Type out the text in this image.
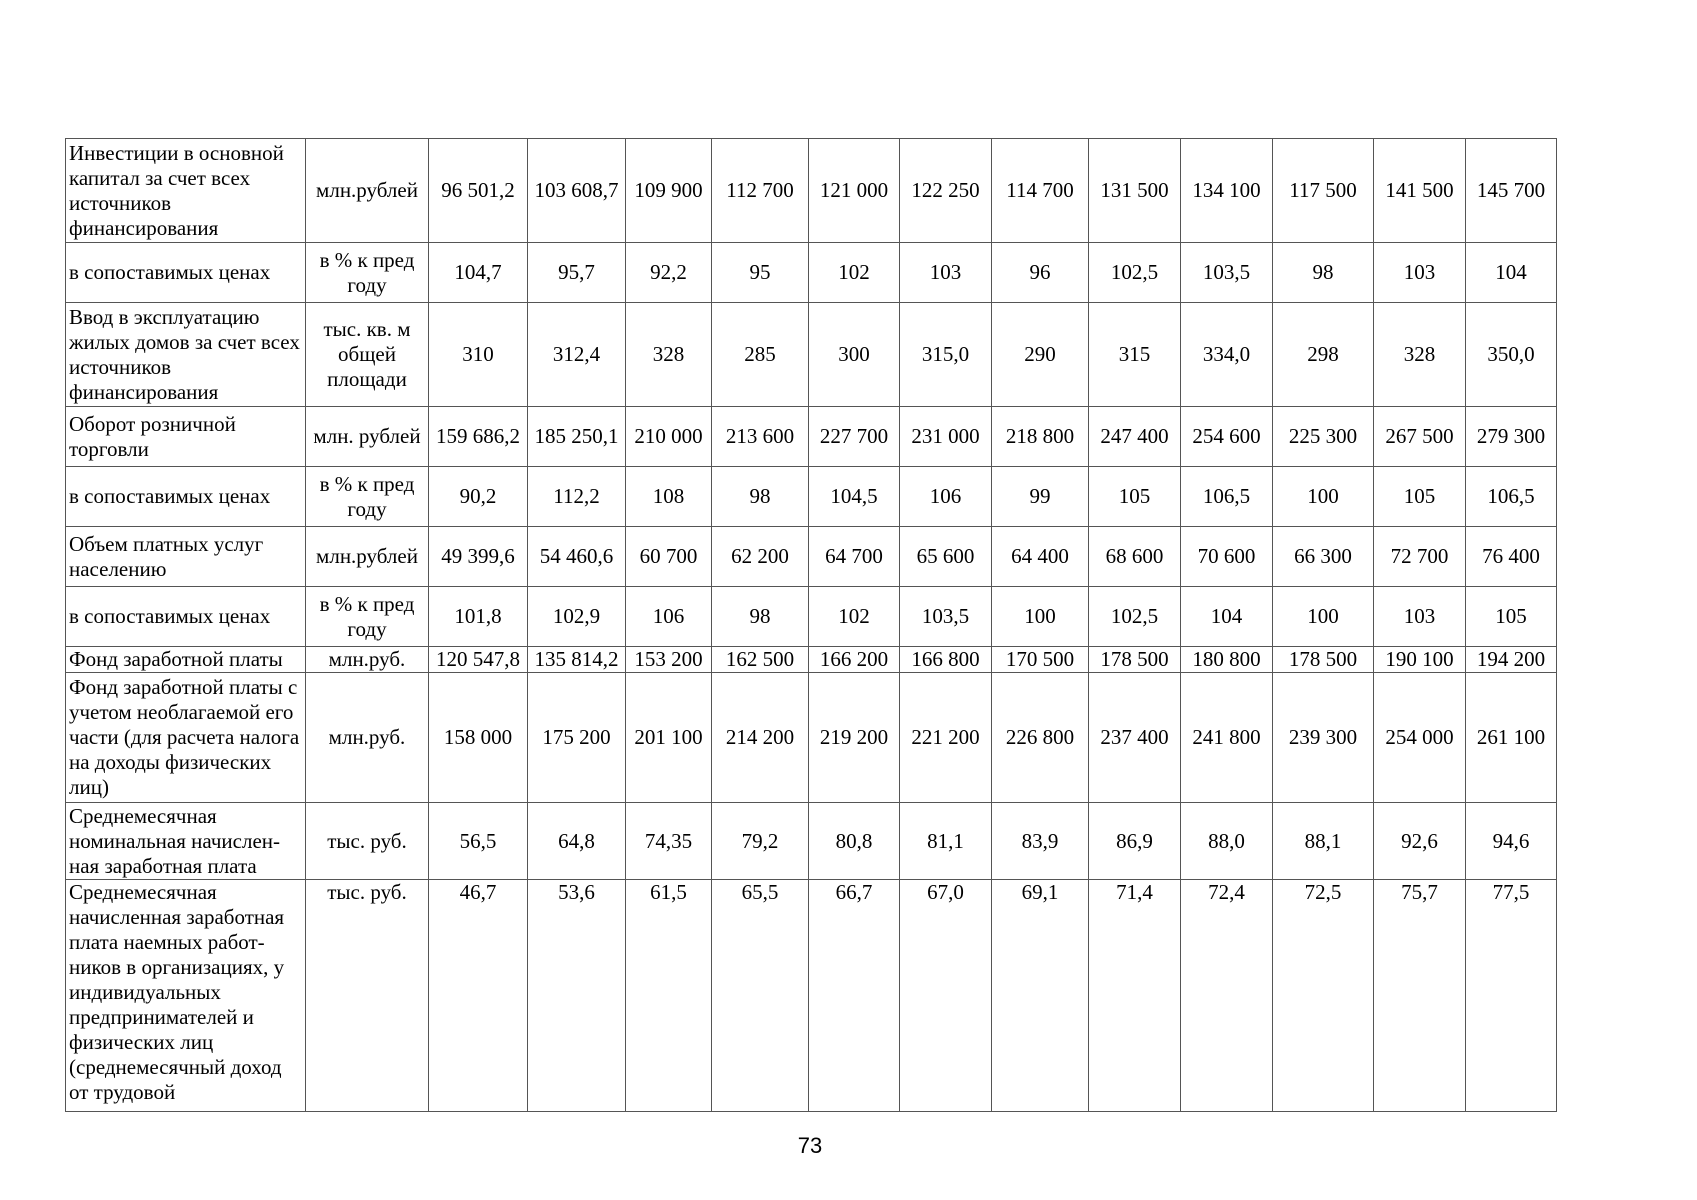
Инвестиции в основной капитал за счет всех источников финансирования	млн.рублей	96 501,2	103 608,7	109 900	112 700	121 000	122 250	114 700	131 500	134 100	117 500	141 500	145 700
в сопоставимых ценах	в % к пред году	104,7	95,7	92,2	95	102	103	96	102,5	103,5	98	103	104
Ввод в эксплуатацию жилых домов за счет всех источников финансирования	тыс. кв. м общей площади	310	312,4	328	285	300	315,0	290	315	334,0	298	328	350,0
Оборот розничной торговли	млн. рублей	159 686,2	185 250,1	210 000	213 600	227 700	231 000	218 800	247 400	254 600	225 300	267 500	279 300
в сопоставимых ценах	в % к пред году	90,2	112,2	108	98	104,5	106	99	105	106,5	100	105	106,5
Объем платных услуг населению	млн.рублей	49 399,6	54 460,6	60 700	62 200	64 700	65 600	64 400	68 600	70 600	66 300	72 700	76 400
в сопоставимых ценах	в % к пред году	101,8	102,9	106	98	102	103,5	100	102,5	104	100	103	105
Фонд заработной платы	млн.руб.	120 547,8	135 814,2	153 200	162 500	166 200	166 800	170 500	178 500	180 800	178 500	190 100	194 200
Фонд заработной платы с учетом необлагаемой его части (для расчета налога на доходы физических лиц)	млн.руб.	158 000	175 200	201 100	214 200	219 200	221 200	226 800	237 400	241 800	239 300	254 000	261 100
Среднемесячная номинальная начислен-ная заработная плата	тыс. руб.	56,5	64,8	74,35	79,2	80,8	81,1	83,9	86,9	88,0	88,1	92,6	94,6
Среднемесячная начисленная заработная плата наемных работ-ников в организациях, у индивидуальных предпринимателей и физических лиц (среднемесячный доход от трудовой	тыс. руб.	46,7	53,6	61,5	65,5	66,7	67,0	69,1	71,4	72,4	72,5	75,7	77,5
73
